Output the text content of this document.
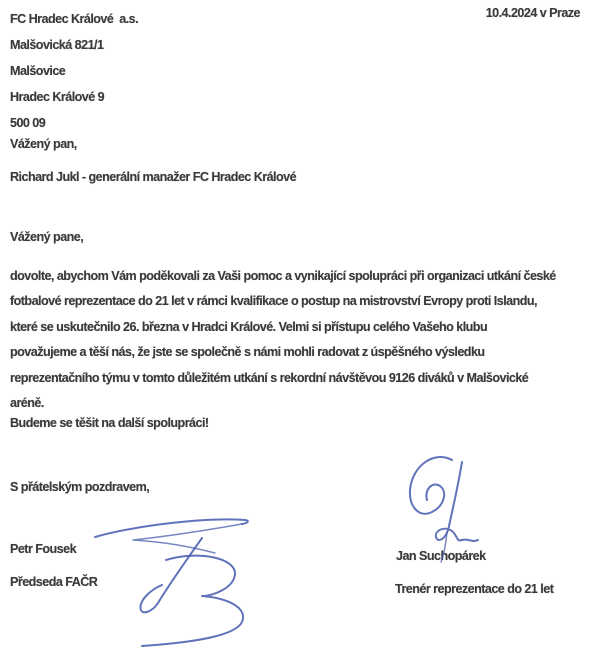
FC Hradec Králové  a.s.
Malšovická 821/1
Malšovice
Hradec Králové 9
500 09
10.4.2024 v Praze
Vážený pan,
Richard Jukl - generální manažer FC Hradec Králové
Vážený pane,
dovolte, abychom Vám poděkovali za Vaši pomoc a vynikající spolupráci při organizaci utkání české
fotbalové reprezentace do 21 let v rámci kvalifikace o postup na mistrovství Evropy proti Islandu,
které se uskutečnilo 26. března v Hradci Králové. Velmi si přístupu celého Vašeho klubu
považujeme a těší nás, že jste se společně s námi mohli radovat z úspěšného výsledku
reprezentačního týmu v tomto důležitém utkání s rekordní návštěvou 9126 diváků v Malšovické
aréně.
Budeme se těšit na další spolupráci!
S přátelským pozdravem,
Petr Fousek
Předseda FAČR
Jan Suchopárek
Trenér reprezentace do 21 let
